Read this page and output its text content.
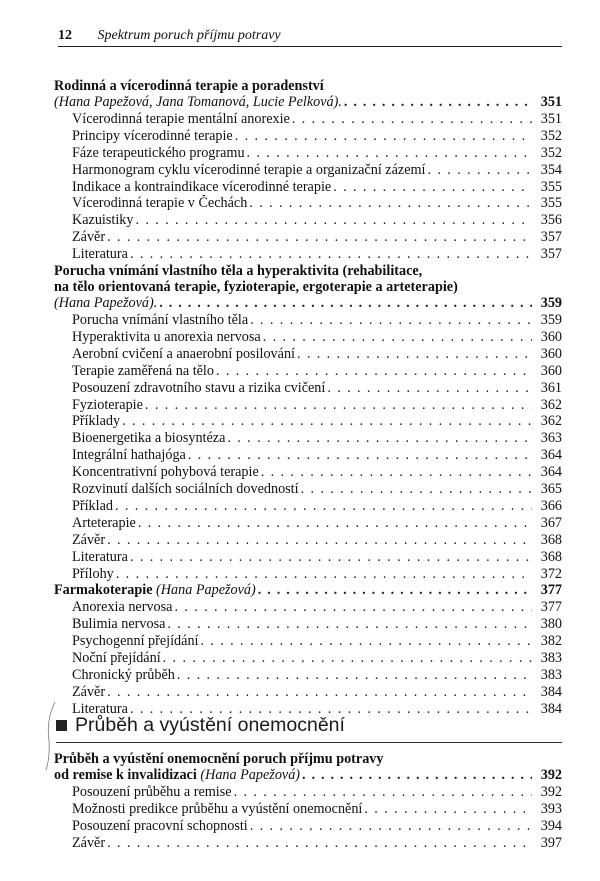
12 Spektrum poruch příjmu potravy
Rodinná a vícerodinná terapie a poradenství
(Hana Papežová, Jana Tomanová, Lucie Pelková). . . .	351
Vícerodinná terapie mentální anorexie . . .	351
Principy vícerodinné terapie . . .	352
Fáze terapeutického programu . . .	352
Harmonogram cyklu vícerodinné terapie a organizační zázemí . . .	354
Indikace a kontraindikace vícerodinné terapie . . .	355
Vícerodinná terapie v Čechách . . .	355
Kazuistiky . . .	356
Závěr . . .	357
Literatura . . .	357
Porucha vnímání vlastního těla a hyperaktivita (rehabilitace,
na tělo orientovaná terapie, fyzioterapie, ergoterapie a arteterapie)
(Hana Papežová). . . .	359
Porucha vnímání vlastního těla . . .	359
Hyperaktivita u anorexia nervosa . . .	360
Aerobní cvičení a anaerobní posilování . . .	360
Terapie zaměřená na tělo . . .	360
Posouzení zdravotního stavu a rizika cvičení . . .	361
Fyzioterapie . . .	362
Příklady . . .	362
Bioenergetika a biosyntéza . . .	363
Integrální hathajóga . . .	364
Koncentrativní pohybová terapie . . .	364
Rozvinutí dalších sociálních dovedností . . .	365
Příklad . . .	366
Arteterapie . . .	367
Závěr . . .	368
Literatura . . .	368
Přílohy . . .	372
Farmakoterapie (Hana Papežová) . . .	377
Anorexia nervosa . . .	377
Bulimia nervosa . . .	380
Psychogenní přejídání . . .	382
Noční přejídání . . .	383
Chronický průběh . . .	383
Závěr . . .	384
Literatura . . .	384
Průběh a vyústění onemocnění
Průběh a vyústění onemocnění poruch příjmu potravy
od remise k invalidizaci (Hana Papežová) . . .	392
Posouzení průběhu a remise . . .	392
Možnosti predikce průběhu a vyústění onemocnění . . .	393
Posouzení pracovní schopnosti . . .	394
Závěr . . .	397
